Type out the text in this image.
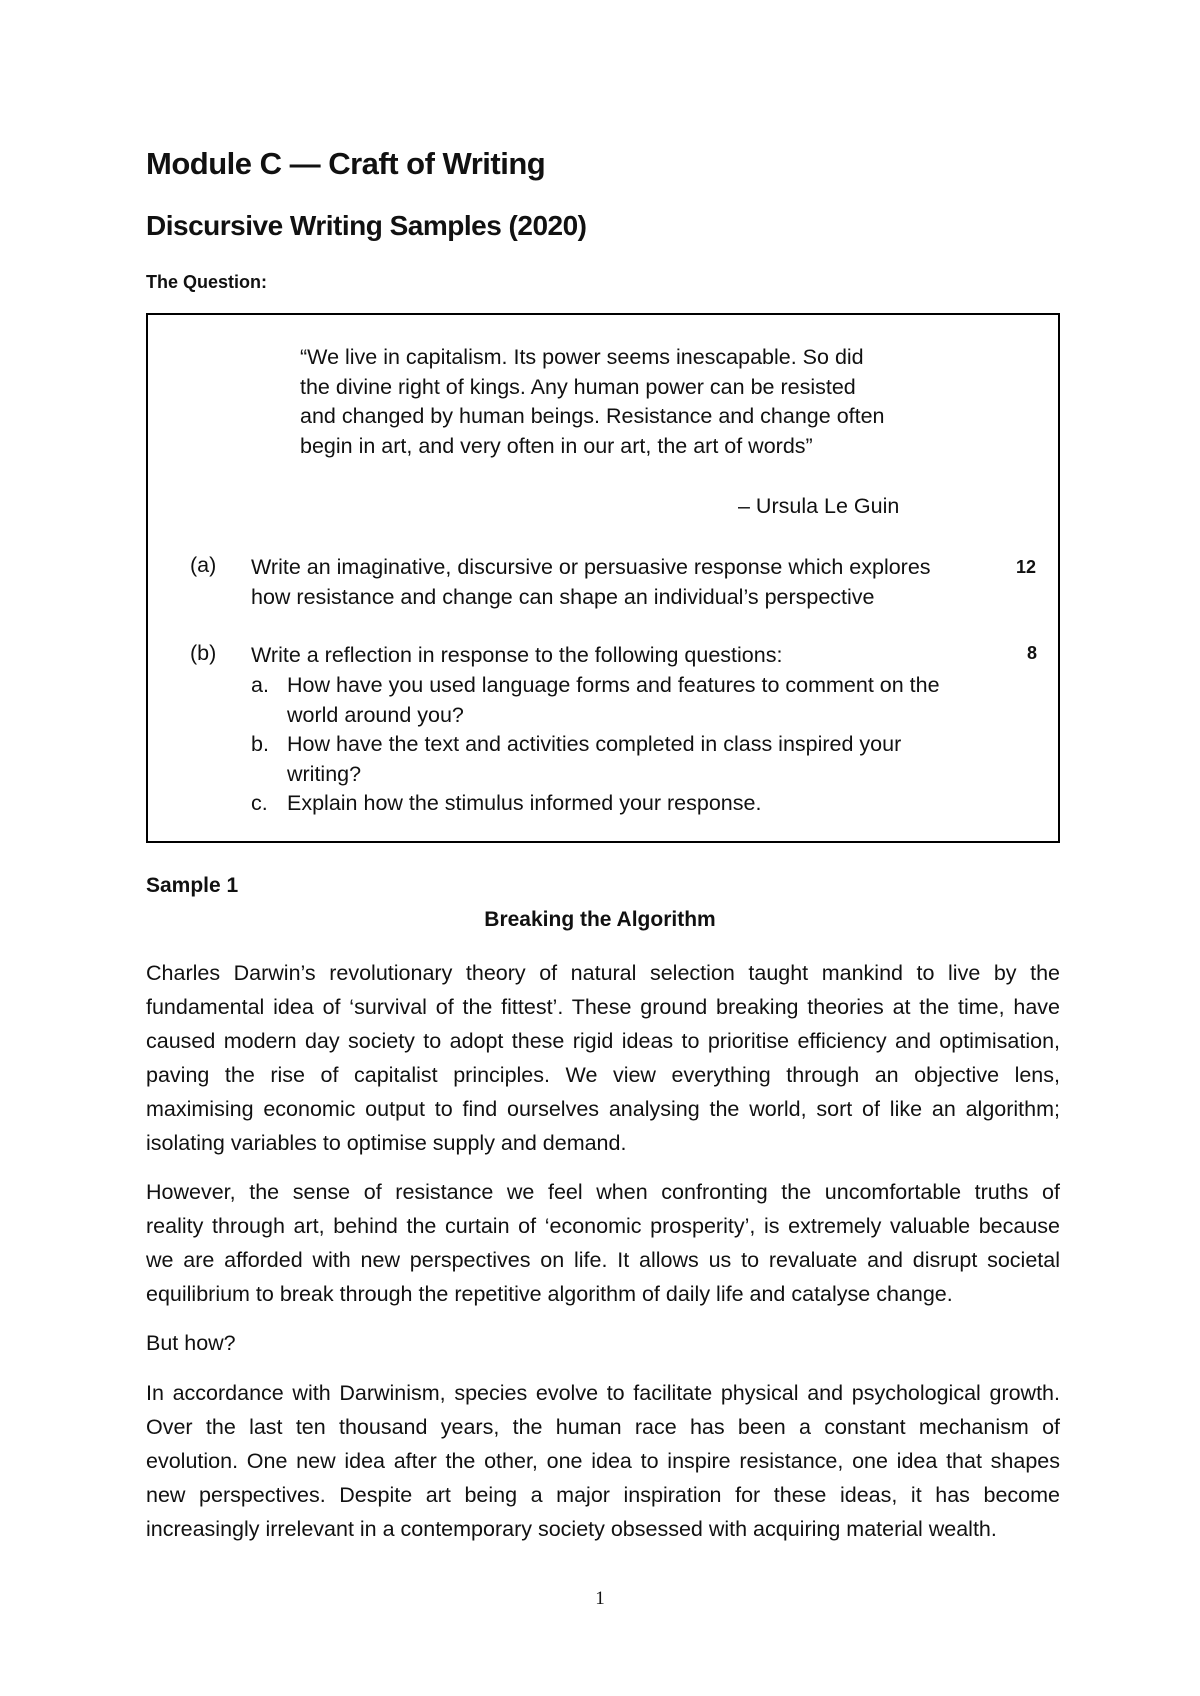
Module C — Craft of Writing
Discursive Writing Samples (2020)
The Question:
“We live in capitalism. Its power seems inescapable. So did
the divine right of kings. Any human power can be resisted
and changed by human beings. Resistance and change often
begin in art, and very often in our art, the art of words”
– Ursula Le Guin
(a) Write an imaginative, discursive or persuasive response which explores
how resistance and change can shape an individual’s perspective
12
(b) Write a reflection in response to the following questions:	8
a. How have you used language forms and features to comment on the
world around you?
b. How have the text and activities completed in class inspired your
writing?
c. Explain how the stimulus informed your response.
Sample 1
Breaking the Algorithm
Charles Darwin’s revolutionary theory of natural selection taught mankind to live by the
fundamental idea of ‘survival of the fittest’. These ground breaking theories at the time, have
caused modern day society to adopt these rigid ideas to prioritise efficiency and optimisation,
paving the rise of capitalist principles. We view everything through an objective lens,
maximising economic output to find ourselves analysing the world, sort of like an algorithm;
isolating variables to optimise supply and demand.
However, the sense of resistance we feel when confronting the uncomfortable truths of
reality through art, behind the curtain of ‘economic prosperity’, is extremely valuable because
we are afforded with new perspectives on life. It allows us to revaluate and disrupt societal
equilibrium to break through the repetitive algorithm of daily life and catalyse change.
But how?
In accordance with Darwinism, species evolve to facilitate physical and psychological growth.
Over the last ten thousand years, the human race has been a constant mechanism of
evolution. One new idea after the other, one idea to inspire resistance, one idea that shapes
new perspectives. Despite art being a major inspiration for these ideas, it has become
increasingly irrelevant in a contemporary society obsessed with acquiring material wealth.
1
